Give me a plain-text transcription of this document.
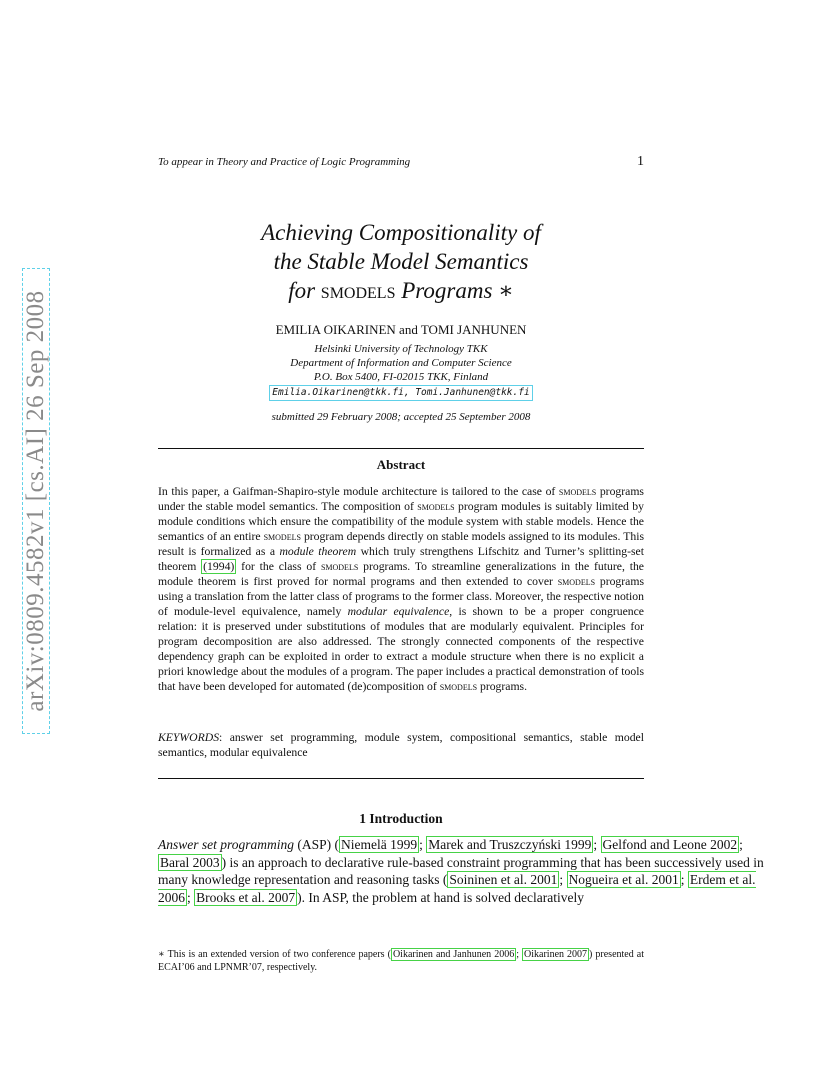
arXiv:0809.4582v1 [cs.AI] 26 Sep 2008
To appear in Theory and Practice of Logic Programming	1
Achieving Compositionality of
the Stable Model Semantics
for smodels Programs ∗
EMILIA OIKARINEN and TOMI JANHUNEN
Helsinki University of Technology TKK
Department of Information and Computer Science
P.O. Box 5400, FI-02015 TKK, Finland
Emilia.Oikarinen@tkk.fi, Tomi.Janhunen@tkk.fi
submitted 29 February 2008; accepted 25 September 2008
Abstract

In this paper, a Gaifman-Shapiro-style module architecture is tailored to the case of smodels programs under the stable model semantics. The composition of smodels program modules is suitably limited by module conditions which ensure the compatibility of the module system with stable models. Hence the semantics of an entire smodels program depends directly on stable models assigned to its modules. This result is formalized as a module theorem which truly strengthens Lifschitz and Turner’s splitting-set theorem (1994) for the class of smodels programs. To streamline generalizations in the future, the module theorem is first proved for normal programs and then extended to cover smodels programs using a translation from the latter class of programs to the former class. Moreover, the respective notion of module-level equivalence, namely modular equivalence, is shown to be a proper congruence relation: it is preserved under substitutions of modules that are modularly equivalent. Principles for program decomposition are also addressed. The strongly connected components of the respective dependency graph can be exploited in order to extract a module structure when there is no explicit a priori knowledge about the modules of a program. The paper includes a practical demonstration of tools that have been developed for automated (de)composition of smodels programs.

KEYWORDS: answer set programming, module system, compositional semantics, stable model semantics, modular equivalence

1 Introduction

Answer set programming (ASP) ( Niemelä 1999 ; Marek and Truszczyński 1999 ; Gelfond and Leone 2002 ; Baral 2003 ) is an approach to declarative rule-based constraint programming that has been successively used in many knowledge representation and reasoning tasks ( Soininen et al. 2001 ; Nogueira et al. 2001 ; Erdem et al. 2006 ; Brooks et al. 2007 ). In ASP, the problem at hand is solved declaratively

∗ This is an extended version of two conference papers ( Oikarinen and Janhunen 2006 ; Oikarinen 2007 ) presented at ECAI’06 and LPNMR’07, respectively.
